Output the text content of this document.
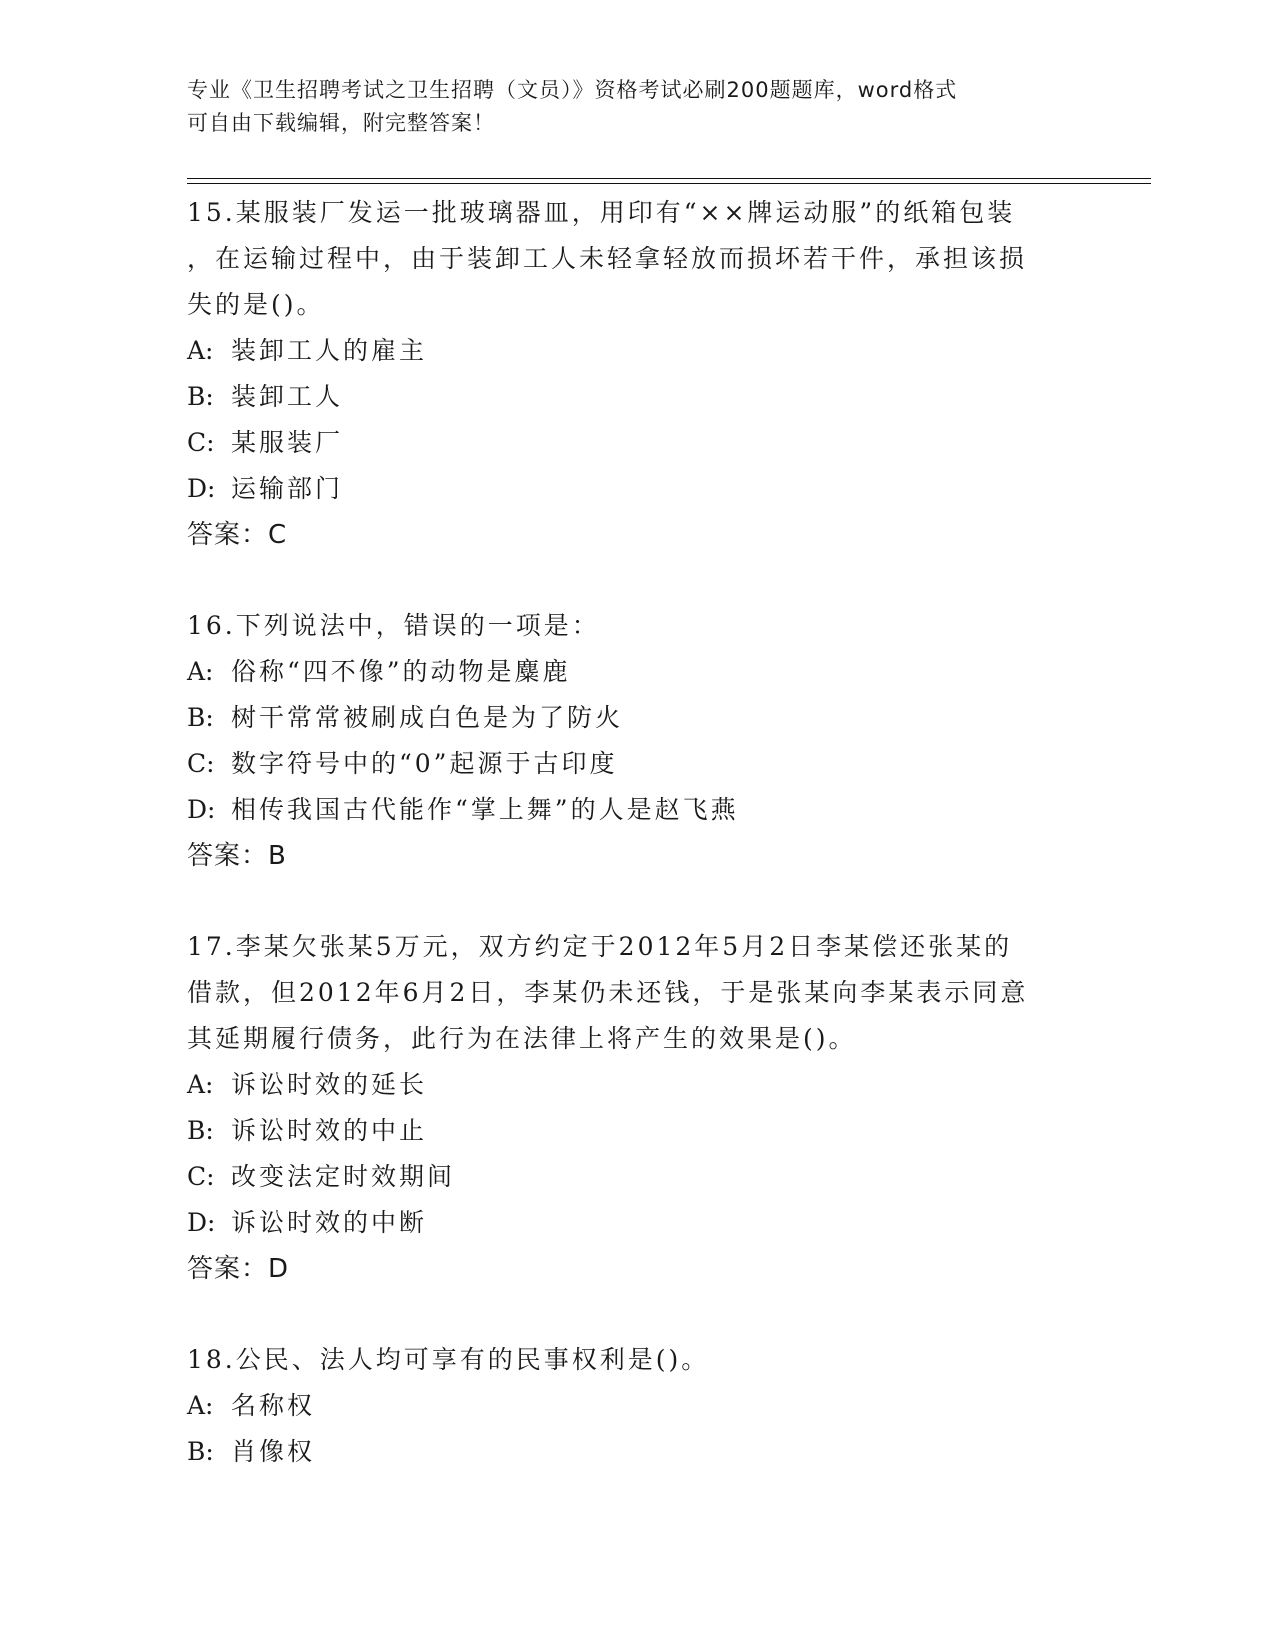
专业《卫生招聘考试之卫生招聘（文员）》资格考试必刷200题题库，word格式
可自由下载编辑，附完整答案！
15.某服装厂发运一批玻璃器皿，用印有“××牌运动服”的纸箱包装
，在运输过程中，由于装卸工人未轻拿轻放而损坏若干件，承担该损
失的是()。
A: 装卸工人的雇主
B: 装卸工人
C: 某服装厂
D: 运输部门
答案：C
16.下列说法中，错误的一项是：
A: 俗称“四不像”的动物是麋鹿
B: 树干常常被刷成白色是为了防火
C: 数字符号中的“0”起源于古印度
D: 相传我国古代能作“掌上舞”的人是赵飞燕
答案：B
17.李某欠张某5万元，双方约定于2012年5月2日李某偿还张某的
借款，但2012年6月2日，李某仍未还钱，于是张某向李某表示同意
其延期履行债务，此行为在法律上将产生的效果是()。
A: 诉讼时效的延长
B: 诉讼时效的中止
C: 改变法定时效期间
D: 诉讼时效的中断
答案：D
18.公民、法人均可享有的民事权利是()。
A: 名称权
B: 肖像权
